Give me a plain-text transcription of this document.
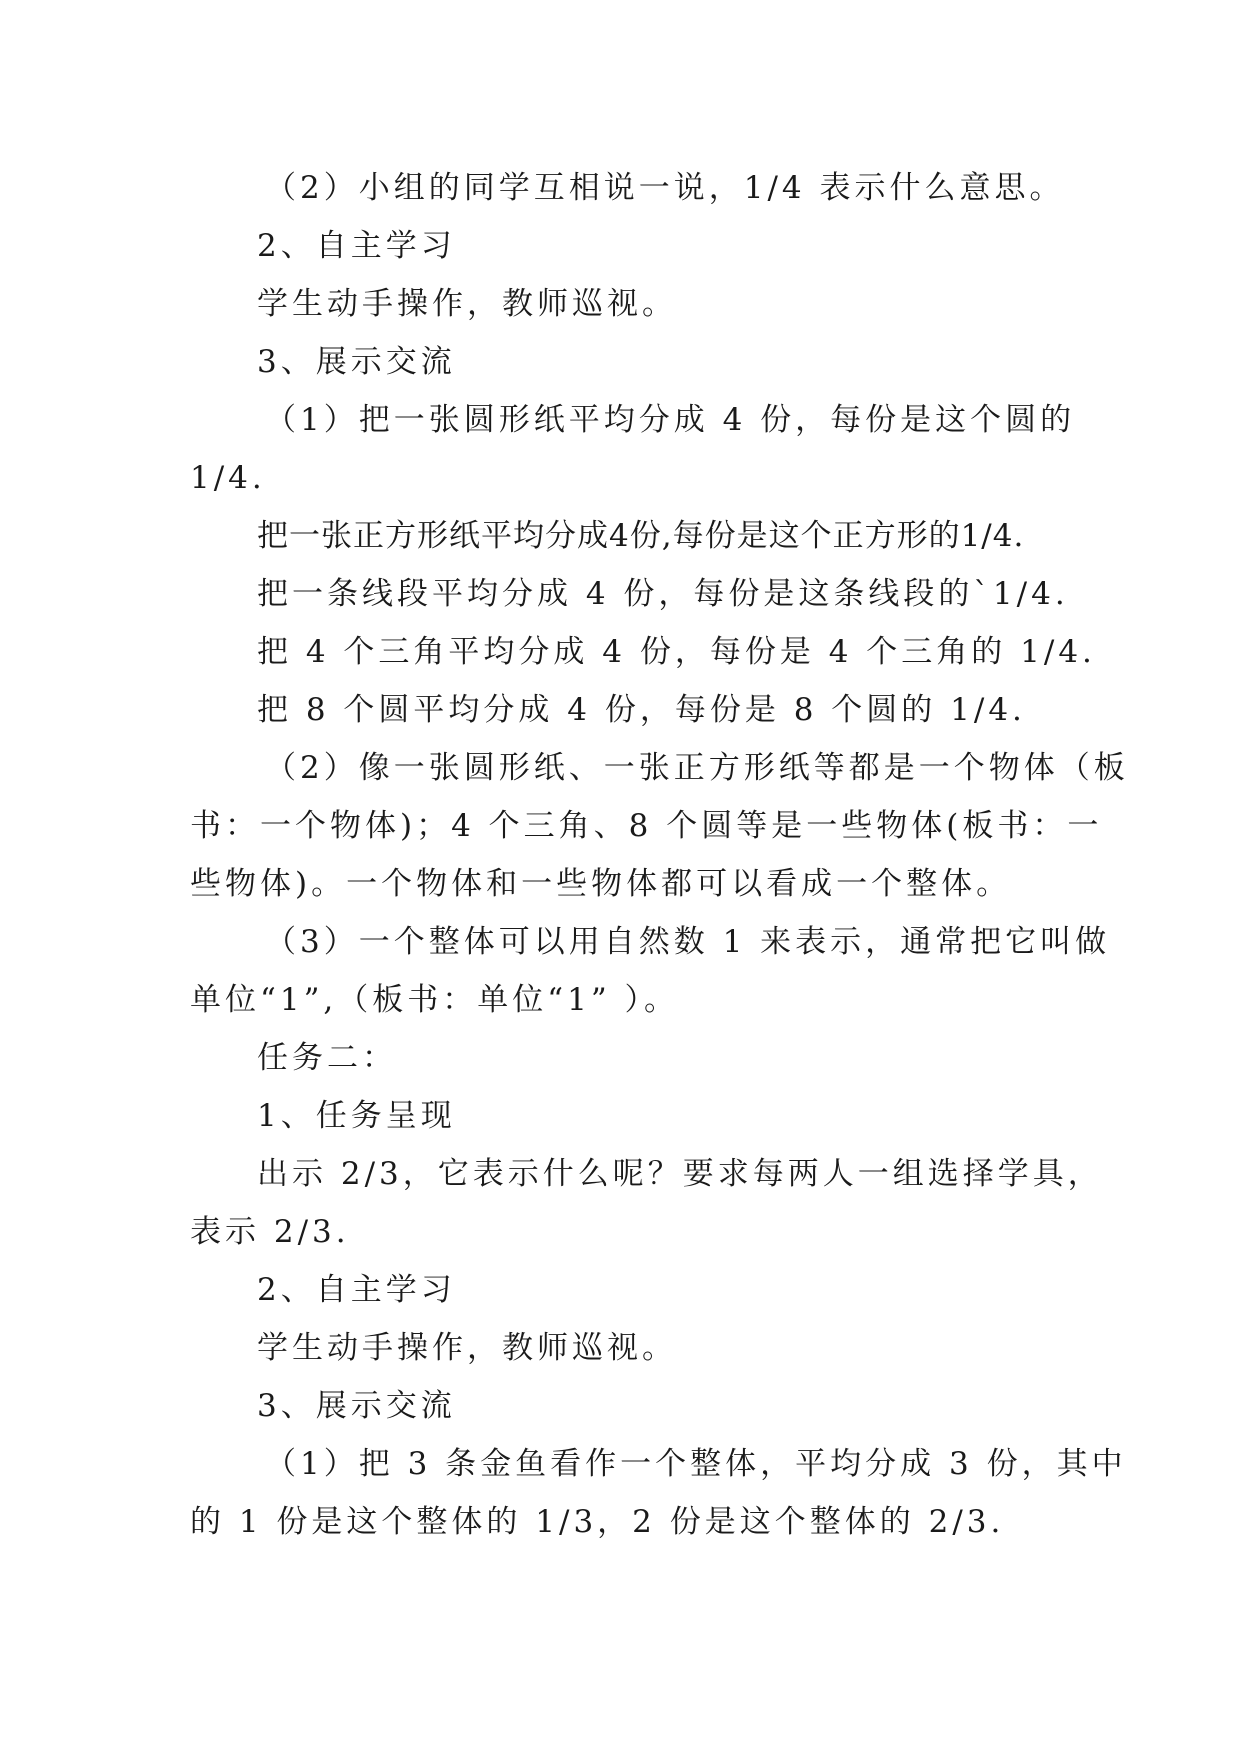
（2）小组的同学互相说一说，1/4 表示什么意思。

2、自主学习

学生动手操作，教师巡视。

3、展示交流

（1）把一张圆形纸平均分成 4 份，每份是这个圆的

1/4.

把一张正方形纸平均分成4份,每份是这个正方形的1/4.

把一条线段平均分成 4 份，每份是这条线段的`1/4.

把 4 个三角平均分成 4 份，每份是 4 个三角的 1/4.

把 8 个圆平均分成 4 份，每份是 8 个圆的 1/4.

（2）像一张圆形纸、一张正方形纸等都是一个物体（板

书：一个物体)；4 个三角、8 个圆等是一些物体(板书：一

些物体)。一个物体和一些物体都可以看成一个整体。

（3）一个整体可以用自然数 1 来表示，通常把它叫做

单位“1”,（板书：单位“1” ）。

任务二：

1、任务呈现

出示 2/3，它表示什么呢？要求每两人一组选择学具，

表示 2/3.

2、自主学习

学生动手操作，教师巡视。

3、展示交流

（1）把 3 条金鱼看作一个整体，平均分成 3 份，其中

的 1 份是这个整体的 1/3，2 份是这个整体的 2/3.
